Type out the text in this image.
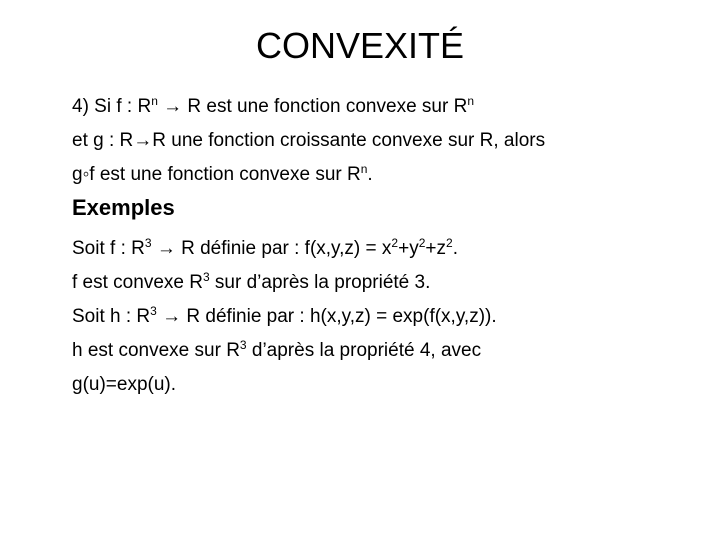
CONVEXITÉ
4) Si f : $R^n \to R$ est une fonction convexe sur $R^n$
et g : R→R une fonction croissante convexe sur R, alors
g◦f est une fonction convexe sur $R^n$.
Exemples
Soit f : $R^3 \to R$ définie par : $f(x,y,z) = x^2+y^2+z^2$.
f est convexe $R^3$ sur d’après la propriété 3.
Soit h : $R^3 \to R$ définie par : h(x,y,z) = exp(f(x,y,z)).
h est convexe sur $R^3$ d’après la propriété 4, avec
g(u)=exp(u).
